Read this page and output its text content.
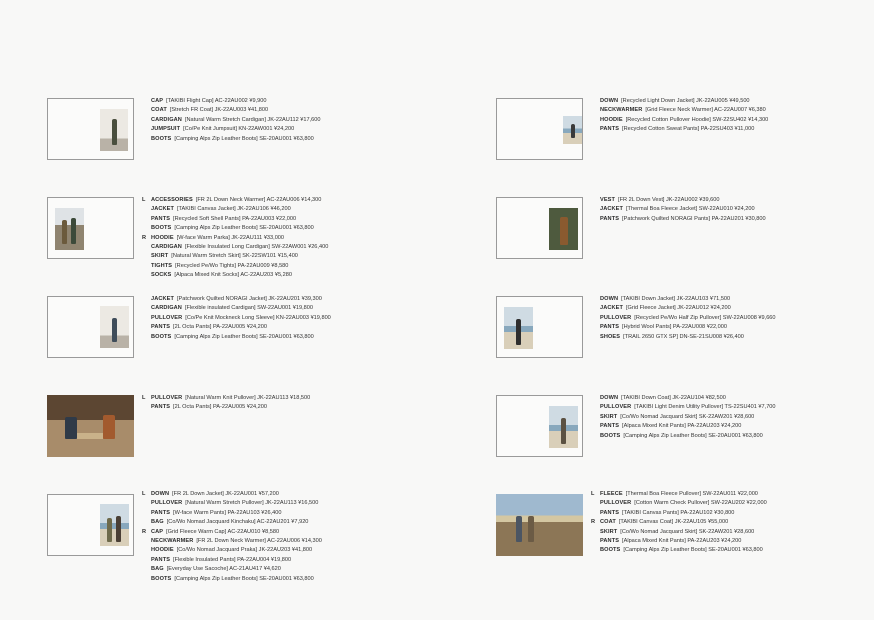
CAP [TAKIBI Flight Cap] AC-22AU002 ¥9,900
COAT [Stretch FR Coat] JK-22AU003 ¥41,800
CARDIGAN [Natural Warm Stretch Cardigan] JK-22AU112 ¥17,600
JUMPSUIT [Co/Pe Knit Jumpsuit] KN-22AW001 ¥24,200
BOOTS [Camping Alps Zip Leather Boots] SE-20AU001 ¥63,800
L ACCESSORIES [FR 2L Down Neck Warmer] AC-22AU006 ¥14,300
JACKET [TAKIBI Canvas Jacket] JK-22AU106 ¥46,200
PANTS [Recycled Soft Shell Pants] PA-22AU003 ¥22,000
BOOTS [Camping Alps Zip Leather Boots] SE-20AU001 ¥63,800
R HOODIE [W-face Warm Parka] JK-22AU111 ¥33,000
CARDIGAN [Flexible Insulated Long Cardigan] SW-22AW001 ¥26,400
SKIRT [Natural Warm Stretch Skirt] SK-22SW101 ¥15,400
TIGHTS [Recycled Pe/Wo Tights] PA-22AU009 ¥8,580
SOCKS [Alpaca Mixed Knit Socks] AC-22AU203 ¥5,280
JACKET [Patchwork Quilted NORAGI Jacket] JK-22AU201 ¥39,300
CARDIGAN [Flexible insulated Cardigan] SW-22AU001 ¥19,800
PULLOVER [Co/Pe Knit Mockneck Long Sleeve] KN-22AU003 ¥19,800
PANTS [2L Octa Pants] PA-22AU005 ¥24,200
BOOTS [Camping Alps Zip Leather Boots] SE-20AU001 ¥63,800
L PULLOVER [Natural Warm Knit Pullover] JK-22AU113 ¥18,500
PANTS [2L Octa Pants] PA-22AU005 ¥24,200
L DOWN [FR 2L Down Jacket] JK-22AU001 ¥57,200
PULLOVER [Natural Warm Stretch Pullover] JK-22AU113 ¥16,500
PANTS [W-face Warm Pants] PA-22AU103 ¥26,400
BAG [Co/Wo Nomad Jacquard Kinchaku] AC-22AU201 ¥7,920
R CAP [Grid Fleece Warm Cap] AC-22AU010 ¥8,580
NECKWARMER [FR 2L Down Neck Warmer] AC-22AU006 ¥14,300
HOODIE [Co/Wo Nomad Jacquard Praka] JK-22AU203 ¥41,800
PANTS [Flexible Insulated Pants] PA-22AU004 ¥19,800
BAG [Everyday Use Sacoche] AC-21AU417 ¥4,620
BOOTS [Camping Alps Zip Leather Boots] SE-20AU001 ¥63,800
DOWN [Recycled Light Down Jacket] JK-22AU005 ¥49,500
NECKWARMER [Grid Fleece Neck Warmer] AC-22AU007 ¥6,380
HOODIE [Recycled Cotton Pullover Hoodie] SW-22SU402 ¥14,300
PANTS [Recycled Cotton Sweat Pants] PA-22SU403 ¥11,000
VEST [FR 2L Down Vest] JK-22AU002 ¥39,600
JACKET [Thermal Boa Fleece Jacket] SW-22AU010 ¥24,200
PANTS [Patchwork Quilted NORAGI Pants] PA-22AU201 ¥30,800
DOWN [TAKIBI Down Jacket] JK-22AU103 ¥71,500
JACKET [Grid Fleece Jacket] JK-22AU012 ¥24,200
PULLOVER [Recycled Pe/Wo Half Zip Pullover] SW-22AU008 ¥9,660
PANTS [Hybrid Wool Pants] PA-22AU008 ¥22,000
SHOES [TRAIL 2650 GTX SP] DN-SE-21SU008 ¥26,400
DOWN [TAKIBI Down Coat] JK-22AU104 ¥82,500
PULLOVER [TAKIBI Light Denim Utility Pullover] TS-22SU401 ¥7,700
SKIRT [Co/Wo Nomad Jacquard Skirt] SK-22AW201 ¥28,600
PANTS [Alpaca Mixed Knit Pants] PA-22AU203 ¥24,200
BOOTS [Camping Alps Zip Leather Boots] SE-20AU001 ¥63,800
L FLEECE [Thermal Boa Fleece Pullover] SW-22AU011 ¥22,000
PULLOVER [Cotton Warm Check Pullover] SW-22AU202 ¥22,000
PANTS [TAKIBI Canvas Pants] PA-22AU102 ¥30,800
R COAT [TAKIBI Canvas Coat] JK-22AU105 ¥55,000
SKIRT [Co/Wo Nomad Jacquard Skirt] SK-22AW201 ¥28,600
PANTS [Alpaca Mixed Knit Pants] PA-22AU203 ¥24,200
BOOTS [Camping Alps Zip Leather Boots] SE-20AU001 ¥63,800
